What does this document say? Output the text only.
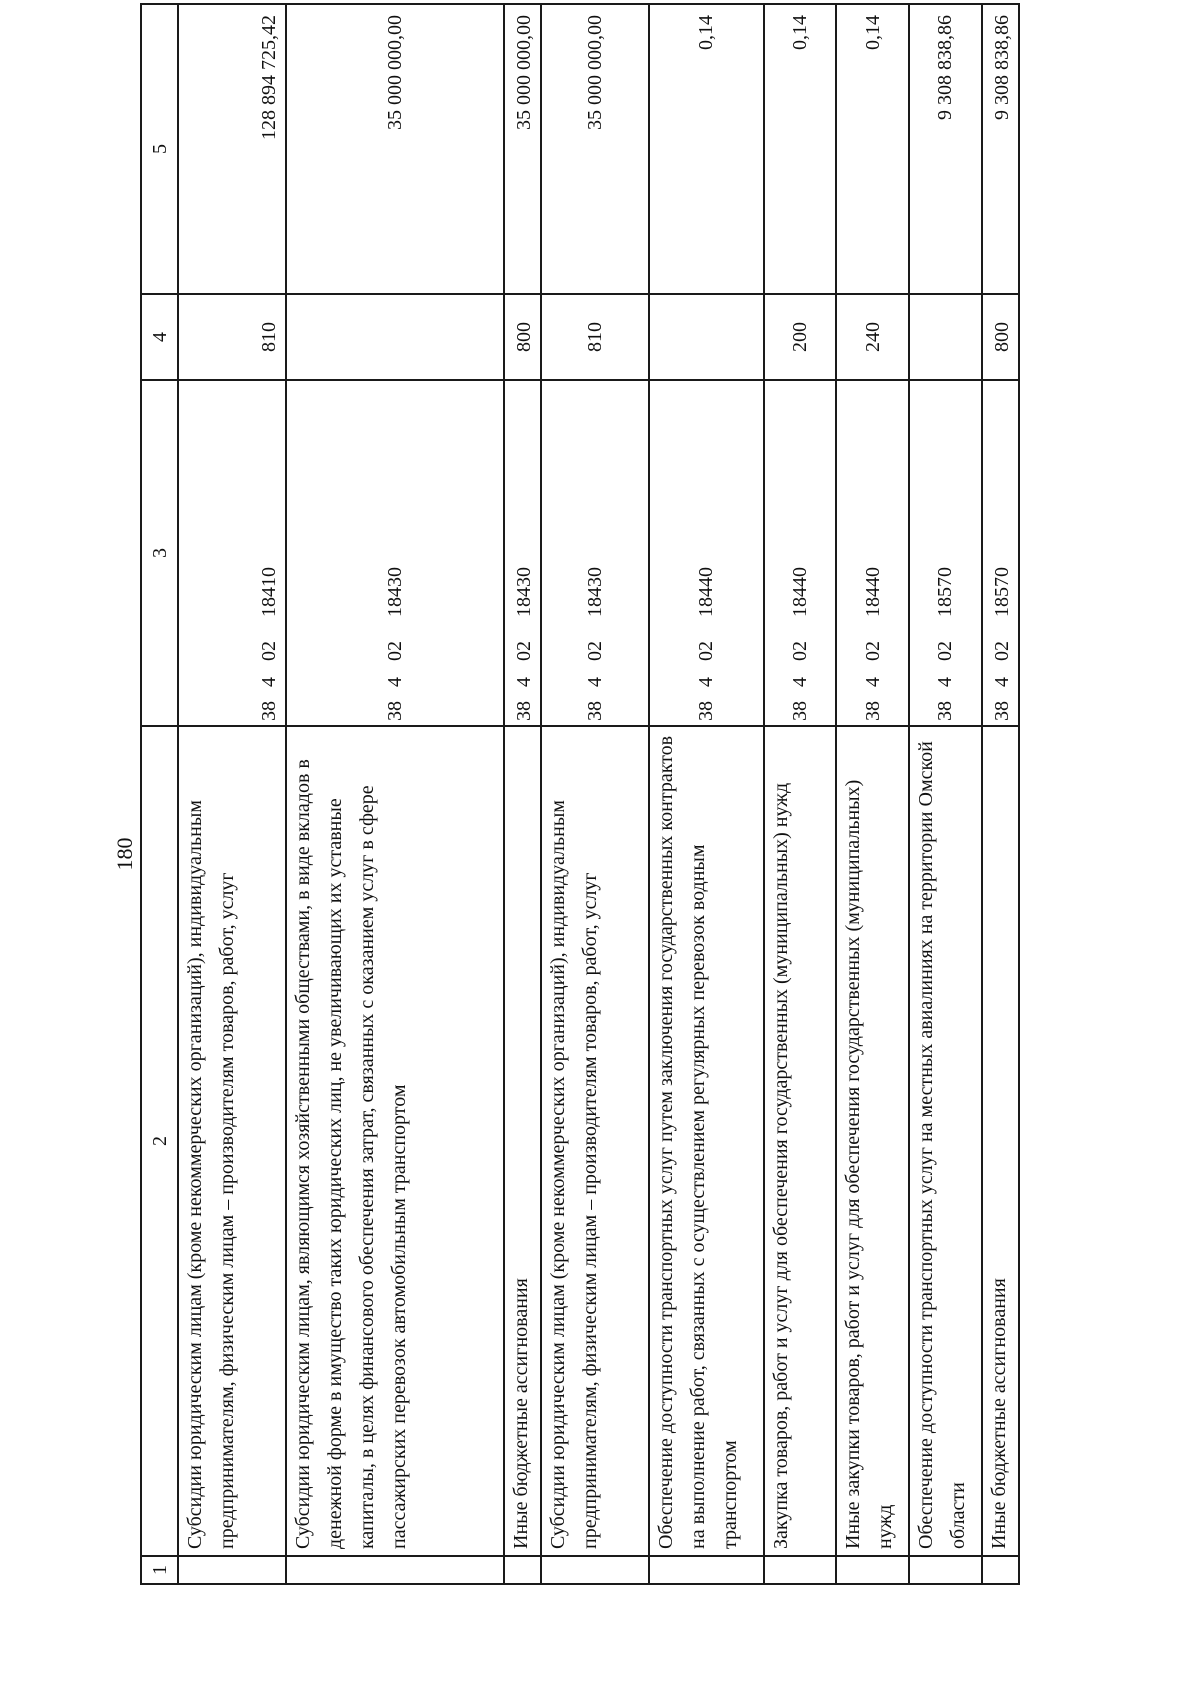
180
1	2	3	4	5
	Субсидии юридическим лицам (кроме некоммерческих организаций), индивидуальным предпринимателям, физическим лицам – производителям товаров, работ, услуг	3840218410	810	128 894 725,42
	Субсидии юридическим лицам, являющимся хозяйственными обществами, в виде вкладов в денежной форме в имущество таких юридических лиц, не увеличивающих их уставные капиталы, в целях финансового обеспечения затрат, связанных с оказанием услуг в сфере пассажирских перевозок автомобильным транспортом	3840218430		35 000 000,00
	Иные бюджетные ассигнования	3840218430	800	35 000 000,00
	Субсидии юридическим лицам (кроме некоммерческих организаций), индивидуальным предпринимателям, физическим лицам – производителям товаров, работ, услуг	3840218430	810	35 000 000,00
	Обеспечение доступности транспортных услуг путем заключения государственных контрактов на выполнение работ, связанных с осуществлением регулярных перевозок водным транспортом	3840218440		0,14
	Закупка товаров, работ и услуг для обеспечения государственных (муниципальных) нужд	3840218440	200	0,14
	Иные закупки товаров, работ и услуг для обеспечения государственных (муниципальных) нужд	3840218440	240	0,14
	Обеспечение доступности транспортных услуг на местных авиалиниях на территории Омской области	3840218570		9 308 838,86
	Иные бюджетные ассигнования	3840218570	800	9 308 838,86
